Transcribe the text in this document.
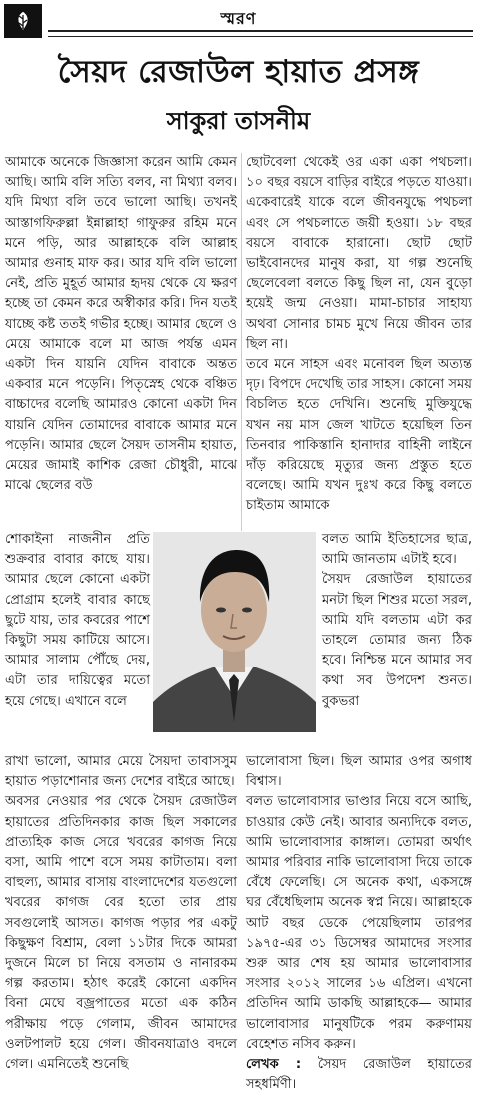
স্মরণ
সৈয়দ রেজাউল হায়াত প্রসঙ্গ
সাকুরা তাসনীম
আমাকে অনেকে জিজ্ঞাসা করেন আমি কেমন আছি। আমি বলি সত্যি বলব, না মিথ্যা বলব। যদি মিথ্যা বলি তবে ভালো আছি। তখনই আস্তাগফিরুল্লা ইন্নাল্লাহা গাফুরুর রহিম মনে মনে পড়ি, আর আল্লাহকে বলি আল্লাহ আমার গুনাহ মাফ কর। আর যদি বলি ভালো নেই, প্রতি মুহূর্ত আমার হৃদয় থেকে যে ক্ষরণ হচ্ছে তা কেমন করে অস্বীকার করি। দিন যতই যাচ্ছে কষ্ট ততই গভীর হচ্ছে। আমার ছেলে ও মেয়ে আমাকে বলে মা আজ পর্যন্ত এমন একটা দিন যায়নি যেদিন বাবাকে অন্তত একবার মনে পড়েনি। পিতৃস্নেহ থেকে বঞ্চিত বাচ্চাদের বলেছি আমারও কোনো একটা দিন যায়নি যেদিন তোমাদের বাবাকে আমার মনে পড়েনি। আমার ছেলে সৈয়দ তাসনীম হায়াত, মেয়ের জামাই কাশিক রেজা চৌধুরী, মাঝে মাঝে ছেলের বউ

ছোটবেলা থেকেই ওর একা একা পথচলা। ১০ বছর বয়সে বাড়ির বাইরে পড়তে যাওয়া। একেবারেই যাকে বলে জীবনযুদ্ধে পথচলা এবং সে পথচলাতে জয়ী হওয়া। ১৮ বছর বয়সে বাবাকে হারানো। ছোট ছোট ভাইবোনদের মানুষ করা, যা গল্প শুনেছি ছেলেবেলা বলতে কিছু ছিল না, যেন বুড়ো হয়েই জন্ম নেওয়া। মামা-চাচার সাহায্য অথবা সোনার চামচ মুখে নিয়ে জীবন তার ছিল না।
তবে মনে সাহস এবং মনোবল ছিল অত্যন্ত দৃঢ়। বিপদে দেখেছি তার সাহস। কোনো সময় বিচলিত হতে দেখিনি। শুনেছি মুক্তিযুদ্ধে যখন নয় মাস জেল খাটতে হয়েছিল তিন তিনবার পাকিস্তানি হানাদার বাহিনী লাইনে দাঁড় করিয়েছে মৃত্যুর জন্য প্রস্তুত হতে বলেছে। আমি যখন দুঃখ করে কিছু বলতে চাইতাম আমাকে

শোকাইনা নাজনীন প্রতি শুক্রবার বাবার কাছে যায়। আমার ছেলে কোনো একটা প্রোগ্রাম হলেই বাবার কাছে ছুটে যায়, তার কবরের পাশে কিছুটা সময় কাটিয়ে আসে। আমার সালাম পৌঁছে দেয়, এটা তার দায়িত্বের মতো হয়ে গেছে। এখানে বলে

বলত আমি ইতিহাসের ছাত্র, আমি জানতাম এটাই হবে।
সৈয়দ রেজাউল হায়াতের মনটা ছিল শিশুর মতো সরল, আমি যদি বলতাম এটা কর তাহলে তোমার জন্য ঠিক হবে। নিশ্চিন্ত মনে আমার সব কথা সব উপদেশ শুনত। বুকভরা

রাখা ভালো, আমার মেয়ে সৈয়দা তাবাসসুম হায়াত পড়াশোনার জন্য দেশের বাইরে আছে।
অবসর নেওয়ার পর থেকে সৈয়দ রেজাউল হায়াতের প্রতিদিনকার কাজ ছিল সকালের প্রাত্যহিক কাজ সেরে খবরের কাগজ নিয়ে বসা, আমি পাশে বসে সময় কাটাতাম। বলা বাহুল্য, আমার বাসায় বাংলাদেশের যতগুলো খবরের কাগজ বের হতো তার প্রায় সবগুলোই আসত। কাগজ পড়ার পর একটু কিছুক্ষণ বিশ্রাম, বেলা ১১টার দিকে আমরা দুজনে মিলে চা নিয়ে বসতাম ও নানারকম গল্প করতাম। হঠাৎ করেই কোনো একদিন বিনা মেঘে বজ্রপাতের মতো এক কঠিন পরীক্ষায় পড়ে গেলাম, জীবন আমাদের ওলটপালট হয়ে গেল। জীবনযাত্রাও বদলে গেল। এমনিতেই শুনেছি

ভালোবাসা ছিল। ছিল আমার ওপর অগাধ বিশ্বাস।
বলত ভালোবাসার ভাণ্ডার নিয়ে বসে আছি, চাওয়ার কেউ নেই। আবার অন্যদিকে বলত, আমি ভালোবাসার কাঙ্গাল। তোমরা অর্থাৎ আমার পরিবার নাকি ভালোবাসা দিয়ে তাকে বেঁধে ফেলেছি। সে অনেক কথা, একসঙ্গে ঘর বেঁধেছিলাম অনেক স্বপ্ন নিয়ে। আল্লাহকে আট বছর ডেকে পেয়েছিলাম তারপর ১৯৭৫-এর ৩১ ডিসেম্বর আমাদের সংসার শুরু আর শেষ হয় আমার ভালোবাসার সংসার ২০১২ সালের ১৬ এপ্রিল। এখনো প্রতিদিন আমি ডাকছি আল্লাহকে— আমার ভালোবাসার মানুষটিকে পরম করুণাময় বেহেশত নসিব করুন।

লেখক : সৈয়দ রেজাউল হায়াতের সহধর্মিণী।
